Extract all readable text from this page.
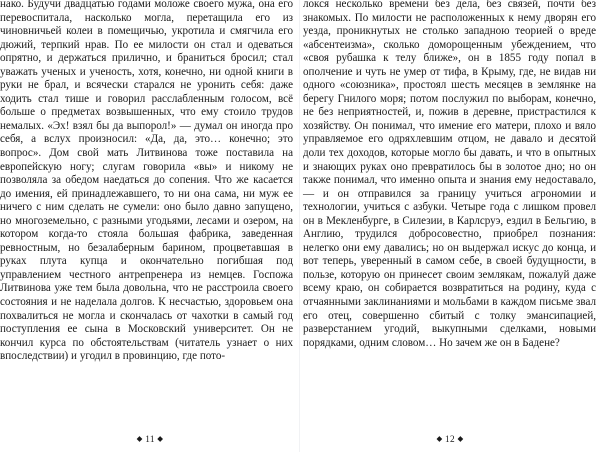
нако. Будучи двадцатью годами моложе своего мужа, она его перевоспитала, насколько могла, перетащила его из чиновничьей колеи в помещичью, укротила и смягчила его дюжий, терпкий нрав. По ее милости он стал и одеваться опрятно, и держаться прилично, и браниться бросил; стал уважать ученых и ученость, хотя, конечно, ни одной книги в руки не брал, и всячески старался не уронить себя: даже ходить стал тише и говорил расслабленным голосом, всё больше о предметах возвышенных, что ему стоило трудов немалых. «Эх! взял бы да выпорол!» — думал он иногда про себя, а вслух произносил: «Да, да, это… конечно; это вопрос». Дом свой мать Литвинова тоже поставила на европейскую ногу; слугам говорила «вы» и никому не позволяла за обедом наедаться до сопения. Что же касается до имения, ей принадлежавшего, то ни она сама, ни муж ее ничего с ним сделать не сумели: оно было давно запущено, но многоземельно, с разными угодьями, лесами и озером, на котором когда-то стояла большая фабрика, заведенная ревностным, но безалаберным барином, процветавшая в руках плута купца и окончательно погибшая под управлением честного антрепренера из немцев. Госпожа Литвинова уже тем была довольна, что не расстроила своего состояния и не наделала долгов. К несчастью, здоровьем она похвалиться не могла и скончалась от чахотки в самый год поступления ее сына в Московский университет. Он не кончил курса по обстоятельствам (читатель узнает о них впоследствии) и угодил в провинцию, где пото-

◆ 11 ◆

локся несколько времени без дела, без связей, почти без знакомых. По милости не расположенных к нему дворян его уезда, проникнутых не столько западною теорией о вреде «абсентеизма», сколько доморощенным убеждением, что «своя рубашка к телу ближе», он в 1855 году попал в ополчение и чуть не умер от тифа, в Крыму, где, не видав ни одного «союзника», простоял шесть месяцев в землянке на берегу Гнилого моря; потом послужил по выборам, конечно, не без неприятностей, и, пожив в деревне, пристрастился к хозяйству. Он понимал, что имение его матери, плохо и вяло управляемое его одряхлевшим отцом, не давало и десятой доли тех доходов, которые могло бы давать, и что в опытных и знающих руках оно превратилось бы в золотое дно; но он также понимал, что именно опыта и знания ему недоставало, — и он отправился за границу учиться агрономии и технологии, учиться с азбуки. Четыре года с лишком провел он в Мекленбурге, в Силезии, в Карлсруэ, ездил в Бельгию, в Англию, трудился добросовестно, приобрел познания: нелегко они ему давались; но он выдержал искус до конца, и вот теперь, уверенный в самом себе, в своей будущности, в пользе, которую он принесет своим землякам, пожалуй даже всему краю, он собирается возвратиться на родину, куда с отчаянными заклинаниями и мольбами в каждом письме звал его отец, совершенно сбитый с толку эмансипацией, разверстанием угодий, выкупными сделками, новыми порядками, одним словом… Но зачем же он в Бадене?

◆ 12 ◆
